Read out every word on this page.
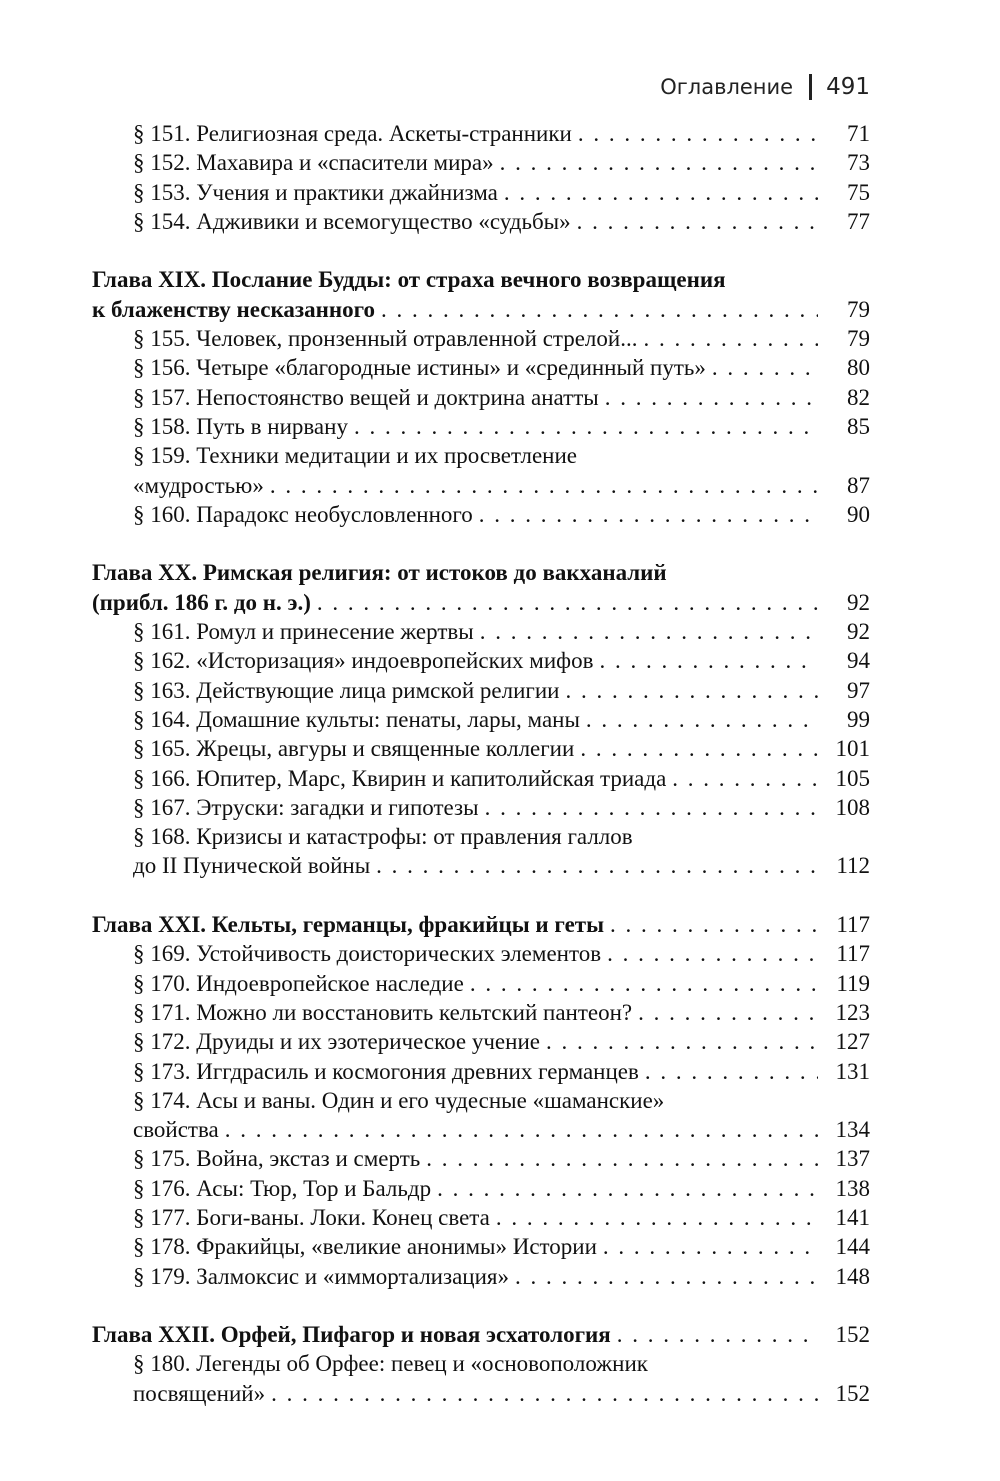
Оглавление 491
§ 151. Религиозная среда. Аскеты-странники . . .	71
§ 152. Махавира и «спасители мира» . . .	73
§ 153. Учения и практики джайнизма . . .	75
§ 154. Адживики и всемогущество «судьбы» . . .	77
Глава XIX. Послание Будды: от страха вечного возвращения
к блаженству несказанного . . .	79
§ 155. Человек, пронзенный отравленной стрелой... . . .	79
§ 156. Четыре «благородные истины» и «срединный путь» . . .	80
§ 157. Непостоянство вещей и доктрина анатты . . .	82
§ 158. Путь в нирвану . . .	85
§ 159. Техники медитации и их просветление
«мудростью» . . .	87
§ 160. Парадокс необусловленного . . .	90
Глава XX. Римская религия: от истоков до вакханалий
(прибл. 186 г. до н. э.) . . .	92
§ 161. Ромул и принесение жертвы . . .	92
§ 162. «Историзация» индоевропейских мифов . . .	94
§ 163. Действующие лица римской религии . . .	97
§ 164. Домашние культы: пенаты, лары, маны . . .	99
§ 165. Жрецы, авгуры и священные коллегии . . .	101
§ 166. Юпитер, Марс, Квирин и капитолийская триада . . .	105
§ 167. Этруски: загадки и гипотезы . . .	108
§ 168. Кризисы и катастрофы: от правления галлов
до II Пунической войны . . .	112
Глава XXI. Кельты, германцы, фракийцы и геты . . .	117
§ 169. Устойчивость доисторических элементов . . .	117
§ 170. Индоевропейское наследие . . .	119
§ 171. Можно ли восстановить кельтский пантеон? . . .	123
§ 172. Друиды и их эзотерическое учение . . .	127
§ 173. Иггдрасиль и космогония древних германцев . . .	131
§ 174. Асы и ваны. Один и его чудесные «шаманские»
свойства . . .	134
§ 175. Война, экстаз и смерть . . .	137
§ 176. Асы: Тюр, Тор и Бальдр . . .	138
§ 177. Боги-ваны. Локи. Конец света . . .	141
§ 178. Фракийцы, «великие анонимы» Истории . . .	144
§ 179. Залмоксис и «иммортализация» . . .	148
Глава XXII. Орфей, Пифагор и новая эсхатология . . .	152
§ 180. Легенды об Орфее: певец и «основоположник
посвящений» . . .	152
